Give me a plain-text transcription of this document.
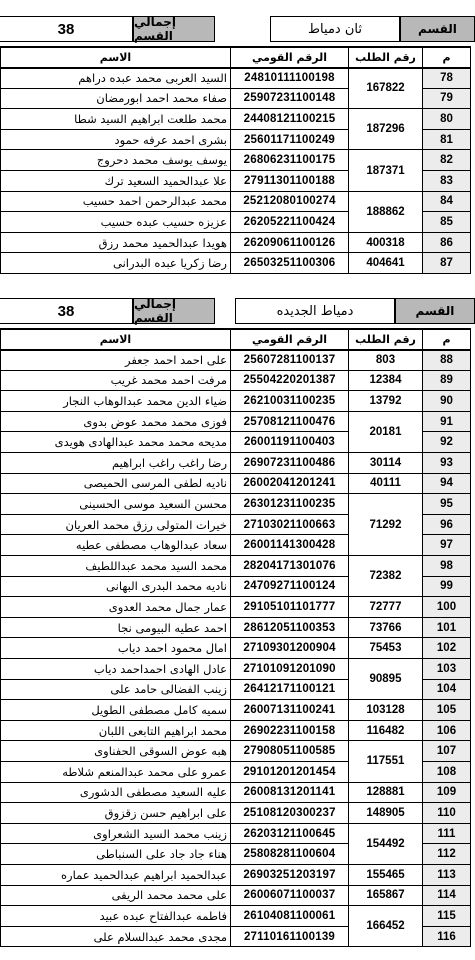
38	إجمالي القسم	ثان دمياط	القسم
الاسم	الرقم القومي	رقم الطلب	م
السيد العربى محمد عبده دراهم	24810111100198	167822	78
صفاء محمد احمد ابورمضان	25907231100148		79
محمد طلعت ابراهيم السيد شطا	24408121100215	187296	80
بشرى احمد عرفه حمود	25601171100249		81
يوسف يوسف محمد دحروج	26806231100175	187371	82
علا عبدالحميد السعيد ترك	27911301100188		83
محمد عبدالرحمن احمد حسيب	25212080100274	188862	84
عزيزه حسيب عبده حسيب	26205221100424		85
هويدا عبدالحميد محمد رزق	26209061100126	400318	86
رضا زكريا عبده البدرانى	26503251100306	404641	87
38	إجمالي القسم	دمياط الجديده	القسم
الاسم	الرقم القومي	رقم الطلب	م
على احمد احمد جعفر	25607281100137	803	88
مرفت احمد محمد غريب	25504220201387	12384	89
ضياء الدين محمد عبدالوهاب النجار	26210031100235	13792	90
فوزى محمد محمد عوض بدوى	25708121100476	20181	91
مديحه محمد محمد عبدالهادى هويدى	26001191100403		92
رضا راغب راغب ابراهيم	26907231100486	30114	93
ناديه لطفى المرسى الحميصى	26002041201241	40111	94
محسن السعيد موسى الحسينى	26301231100235	71292	95
خيرات المتولى رزق محمد العريان	27103021100663		96
سعاد عبدالوهاب مصطفى عطيه	26001141300428		97
محمد السيد محمد عبداللطيف	28204171301076	72382	98
ناديه محمد البدرى البهانى	24709271100124		99
عمار جمال محمد العدوى	29105101101777	72777	100
احمد عطيه البيومى نجا	28612051100353	73766	101
امال محمود احمد دياب	27109301200904	75453	102
عادل الهادى احمداحمد دياب	27101091201090	90895	103
زينب الفضالى حامد على	26412171100121		104
سميه كامل مصطفى الطويل	26007131100241	103128	105
محمد ابراهيم التابعى اللبان	26902231100158	116482	106
هبه عوض السوقى الحفناوى	27908051100585	117551	107
عمرو على محمد عبدالمنعم شلاطه	29101201201454		108
عليه السعيد مصطفى الدشورى	26008131201141	128881	109
على ابراهيم حسن زقزوق	25108120300237	148905	110
زينب محمد السيد الشعراوى	26203121100645	154492	111
هناء جاد جاد على السنباطى	25808281100604		112
عبدالحميد ابراهيم عبدالحميد عماره	26903251203197	155465	113
على محمد محمد الريفى	26006071100037	165867	114
فاطمه عبدالفتاح عبده عبيد	26104081100061	166452	115
مجدى محمد عبدالسلام على	27110161100139		116
